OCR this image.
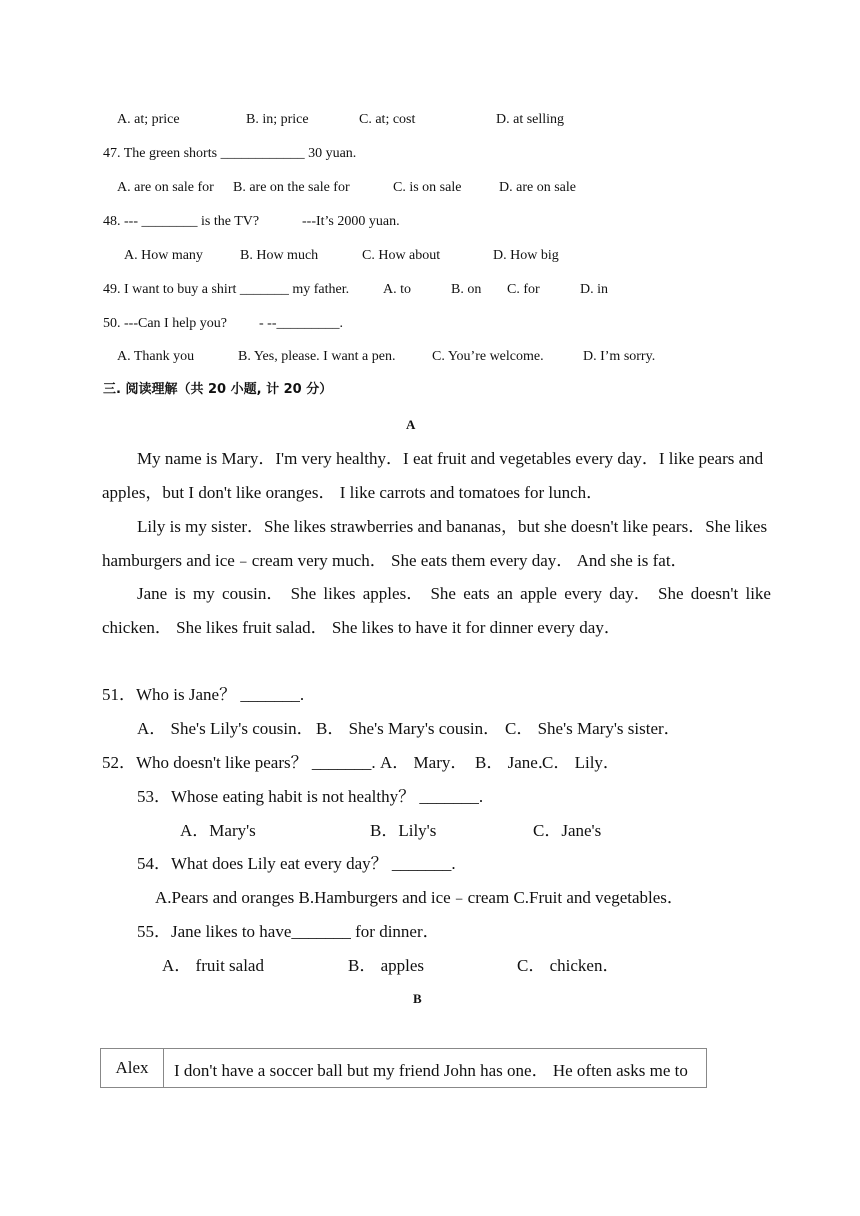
A. at; price	B. in; price	C. at; cost	D. at selling
47. The green shorts ____________ 30 yuan.
A. are on sale for B. are on the sale for	C. is on sale	D. are on sale
48. --- ________ is the TV?	---It’s 2000 yuan.
A. How many	B. How much	C. How about	D. How big
49. I want to buy a shirt _______ my father. A. to	B. on C. for	D. in
50. ---Can I help you? - --_________.
A. Thank you	B. Yes, please. I want a pen.	C. You’re welcome.	D. I’m sorry.
三. 阅读理解（共 20 小题, 计 20 分）
A
My name is Mary．I'm very healthy．I eat fruit and vegetables every day．I like pears and
apples，but I don't like oranges． I like carrots and tomatoes for lunch．
Lily is my sister．She likes strawberries and bananas，but she doesn't like pears．She likes
hamburgers and ice﹣cream very much． She eats them every day． And she is fat．
Jane is my cousin． She likes apples． She eats an apple every day． She doesn't like
chicken． She likes fruit salad． She likes to have it for dinner every day．
51．Who is Jane？ _______.
A． She's Lily's cousin． B． She's Mary's cousin． C． She's Mary's sister．
52．Who doesn't like pears？ _______. A． Mary． B． Jane．
C． Lily．
53．Whose eating habit is not healthy？ _______.
A．Mary's	B．Lily's	C．Jane's
54．What does Lily eat every day？ _______.
A.Pears and oranges B.Hamburgers and ice﹣cream C.Fruit and vegetables．
55．Jane likes to have_______ for dinner．
A． fruit salad	B． apples	C． chicken．
B
Alex	I don't have a soccer ball but my friend John has one． He often asks me to
